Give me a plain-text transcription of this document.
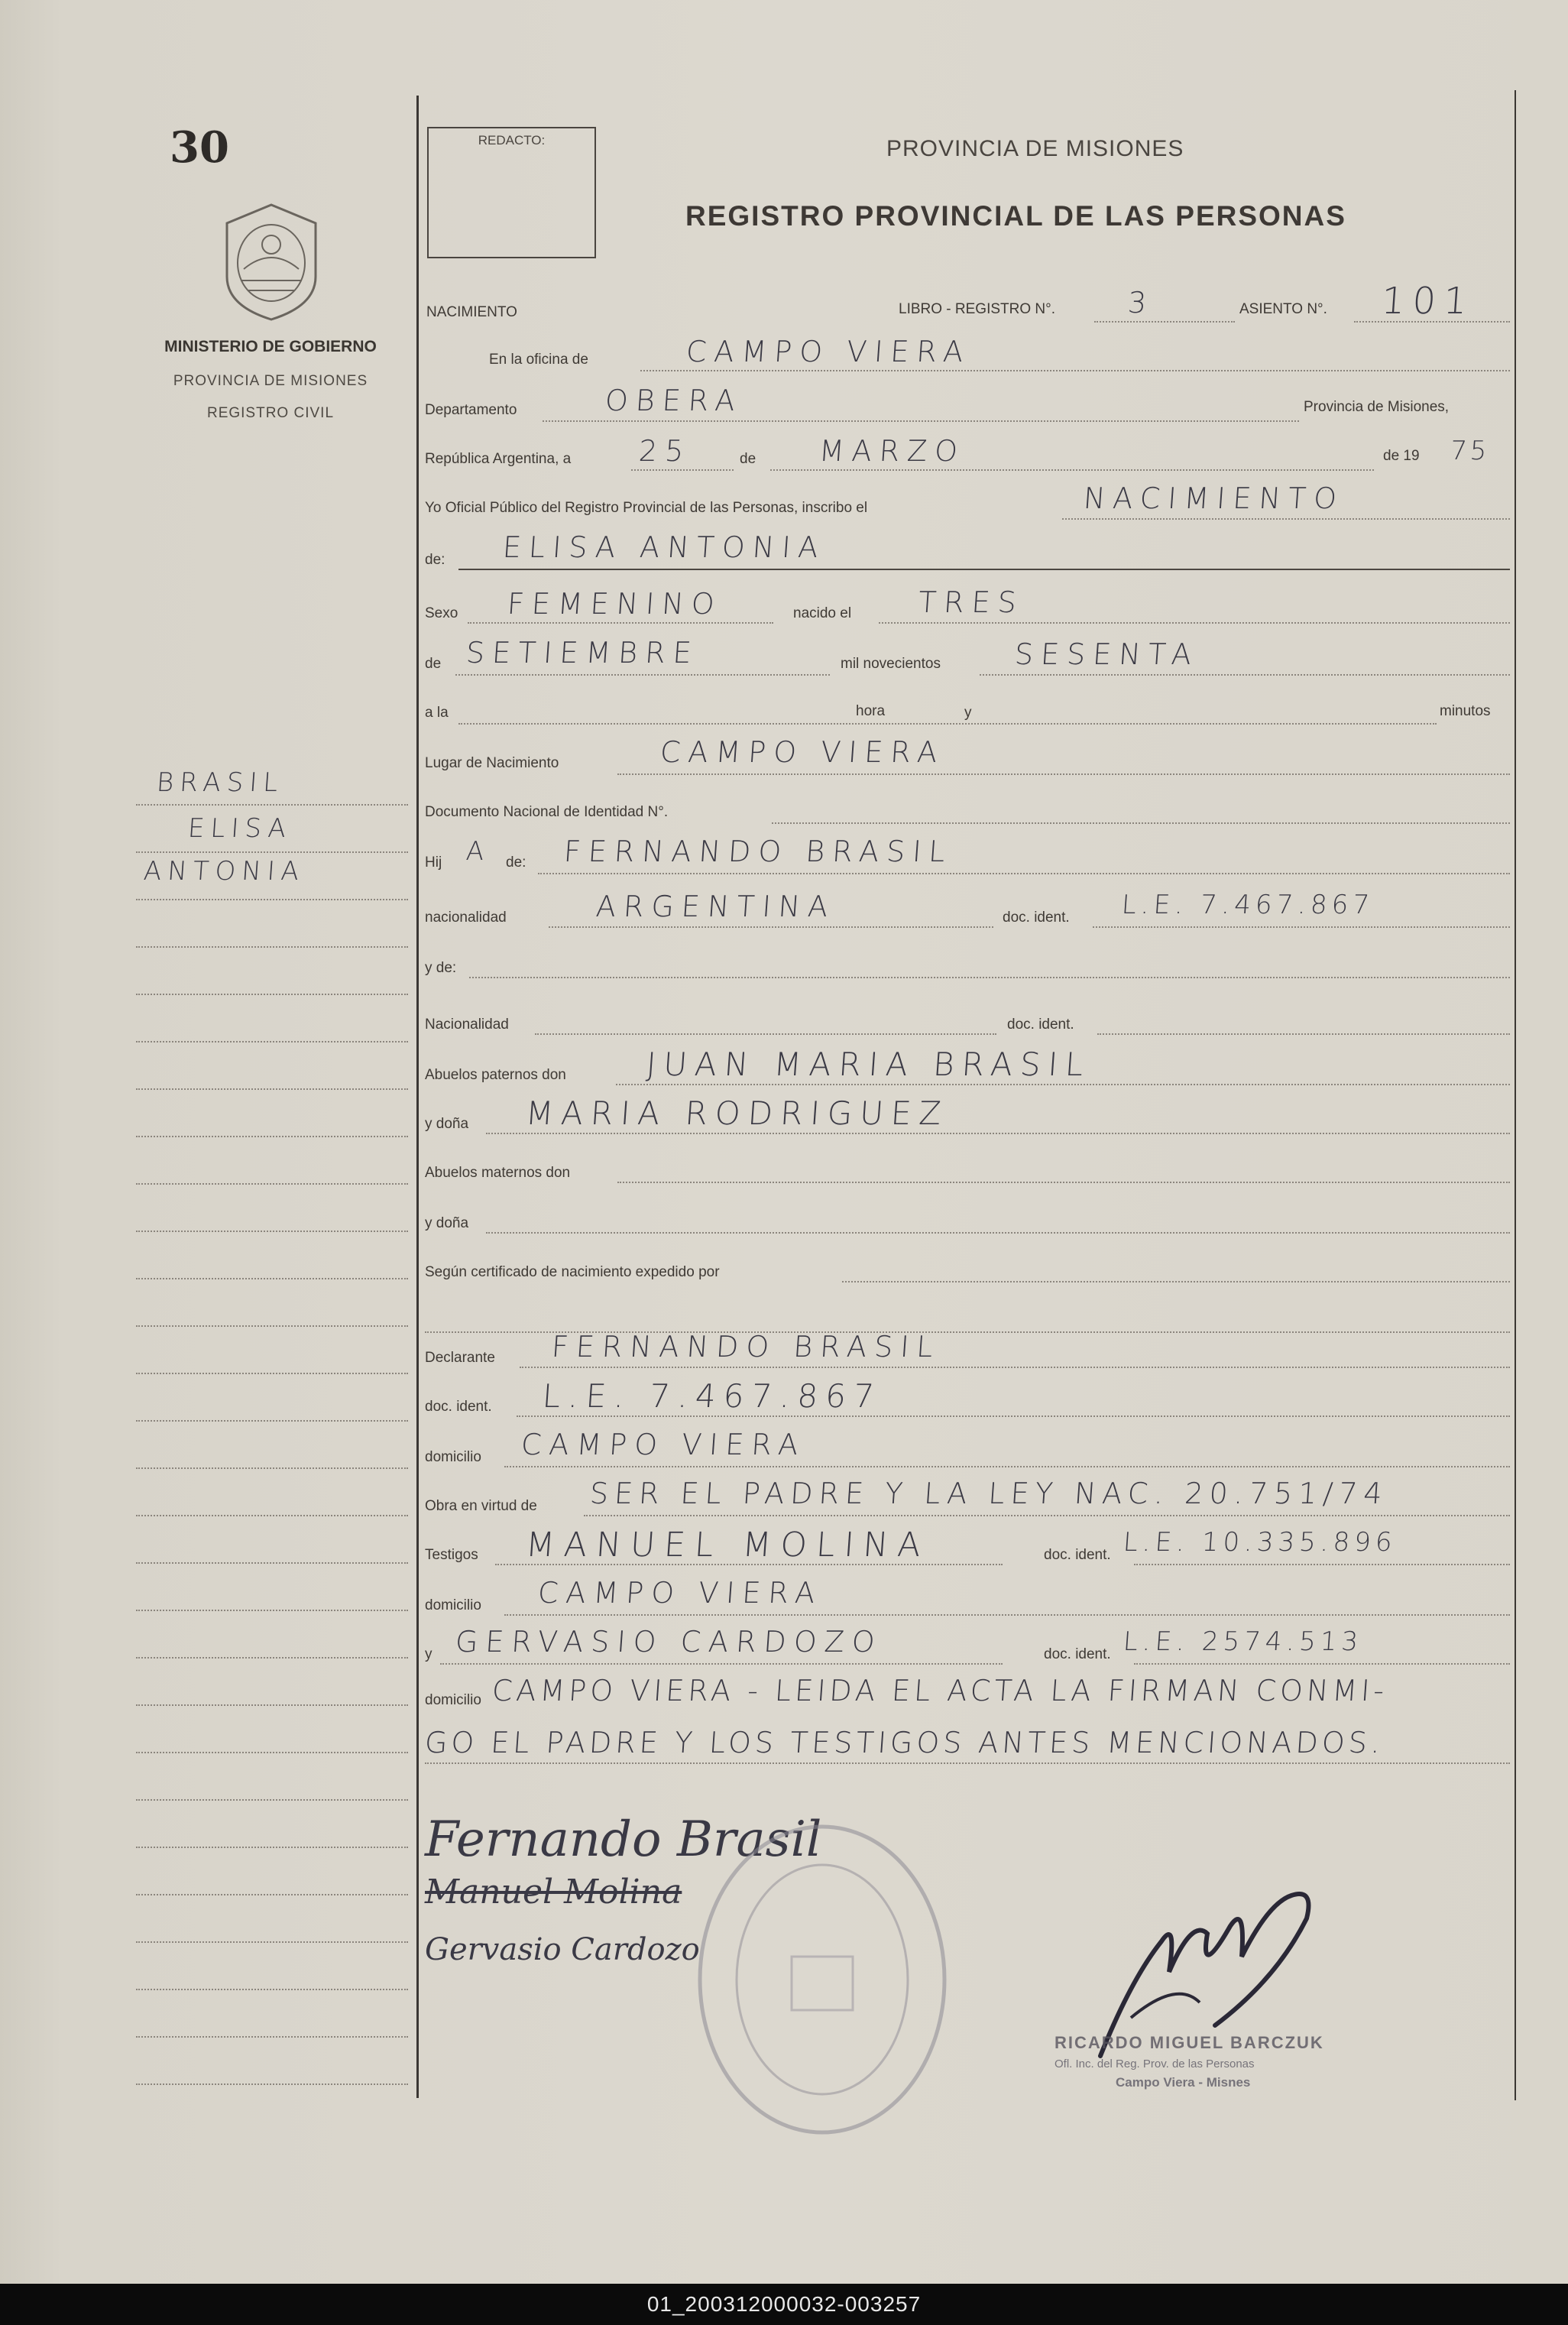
30
MINISTERIO DE GOBIERNO
PROVINCIA DE MISIONES
REGISTRO CIVIL
BRASIL
ELISA
ANTONIA
REDACTO:	PROVINCIA DE MISIONES
REGISTRO PROVINCIAL DE LAS PERSONAS
NACIMIENTO	LIBRO - REGISTRO N°. 3	ASIENTO N°. 101
En la oficina de	CAMPO VIERA
Departamento	OBERA	Provincia de Misiones,
República Argentina, a 25	de MARZO	de 19 75
Yo Oficial Público del Registro Provincial de las Personas, inscribo el	NACIMIENTO
de: ELISA ANTONIA
Sexo FEMENINO	nacido el TRES
de SETIEMBRE	mil novecientos	SESENTA
a la	hora	y	minutos
Lugar de Nacimiento	CAMPO VIERA
Documento Nacional de Identidad N°.
Hij A de: FERNANDO BRASIL
nacionalidad	ARGENTINA	doc. ident. L.E. 7.467.867
y de:
Nacionalidad	doc. ident.
Abuelos paternos don JUAN MARIA BRASIL
y doña MARIA RODRIGUEZ
Abuelos maternos don
y doña
Según certificado de nacimiento expedido por
Declarante FERNANDO BRASIL
doc. ident. L.E. 7.467.867
domicilio CAMPO VIERA
Obra en virtud de SER EL PADRE Y LA LEY NAC. 20.751/74
Testigos MANUEL MOLINA	doc. ident. L.E. 10.335.896
domicilio CAMPO VIERA
y GERVASIO CARDOZO	doc. ident. L.E. 2574.513
domicilio CAMPO VIERA - LEIDA EL ACTA LA FIRMAN CONMI-
GO EL PADRE Y LOS TESTIGOS ANTES MENCIONADOS.
Fernando Brasil
Manuel Molina
Gervasio Cardozo
RICARDO MIGUEL BARCZUK
Ofl. Inc. del Reg. Prov. de las Personas
Campo Viera - Misnes
01_200312000032-003257
